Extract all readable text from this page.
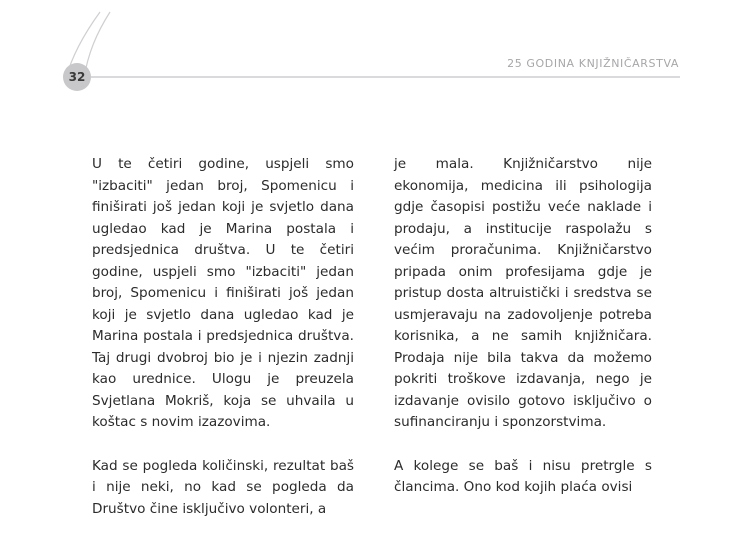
32
25 GODINA KNJIŽNIČARSTVA

U te četiri godine, uspjeli smo "izbaciti" jedan broj, Spomenicu i finiširati još jedan koji je svjetlo dana ugledao kad je Marina postala i predsjednica društva. U te četiri godine, uspjeli smo "izbaciti" jedan broj, Spomenicu i finiširati još jedan koji je svjetlo dana ugledao kad je Marina postala i predsjednica društva. Taj drugi dvobroj bio je i njezin zadnji kao urednice. Ulogu je preuzela Svjetlana Mokriš, koja se uhvaila u koštac s novim izazovima.

Kad se pogleda količinski, rezultat baš i nije neki, no kad se pogleda da Društvo čine isključivo volonteri, a

je mala. Knjižničarstvo nije ekonomija, medicina ili psihologija gdje časopisi postižu veće naklade i prodaju, a institucije raspolažu s većim proračunima. Knjižničarstvo pripada onim profesijama gdje je pristup dosta altruistički i sredstva se usmjeravaju na zadovoljenje potreba korisnika, a ne samih knjižničara. Prodaja nije bila takva da možemo pokriti troškove izdavanja, nego je izdavanje ovisilo gotovo isključivo o sufinanciranju i sponzorstvima.

A kolege se baš i nisu pretrgle s člancima. Ono kod kojih plaća ovisi
